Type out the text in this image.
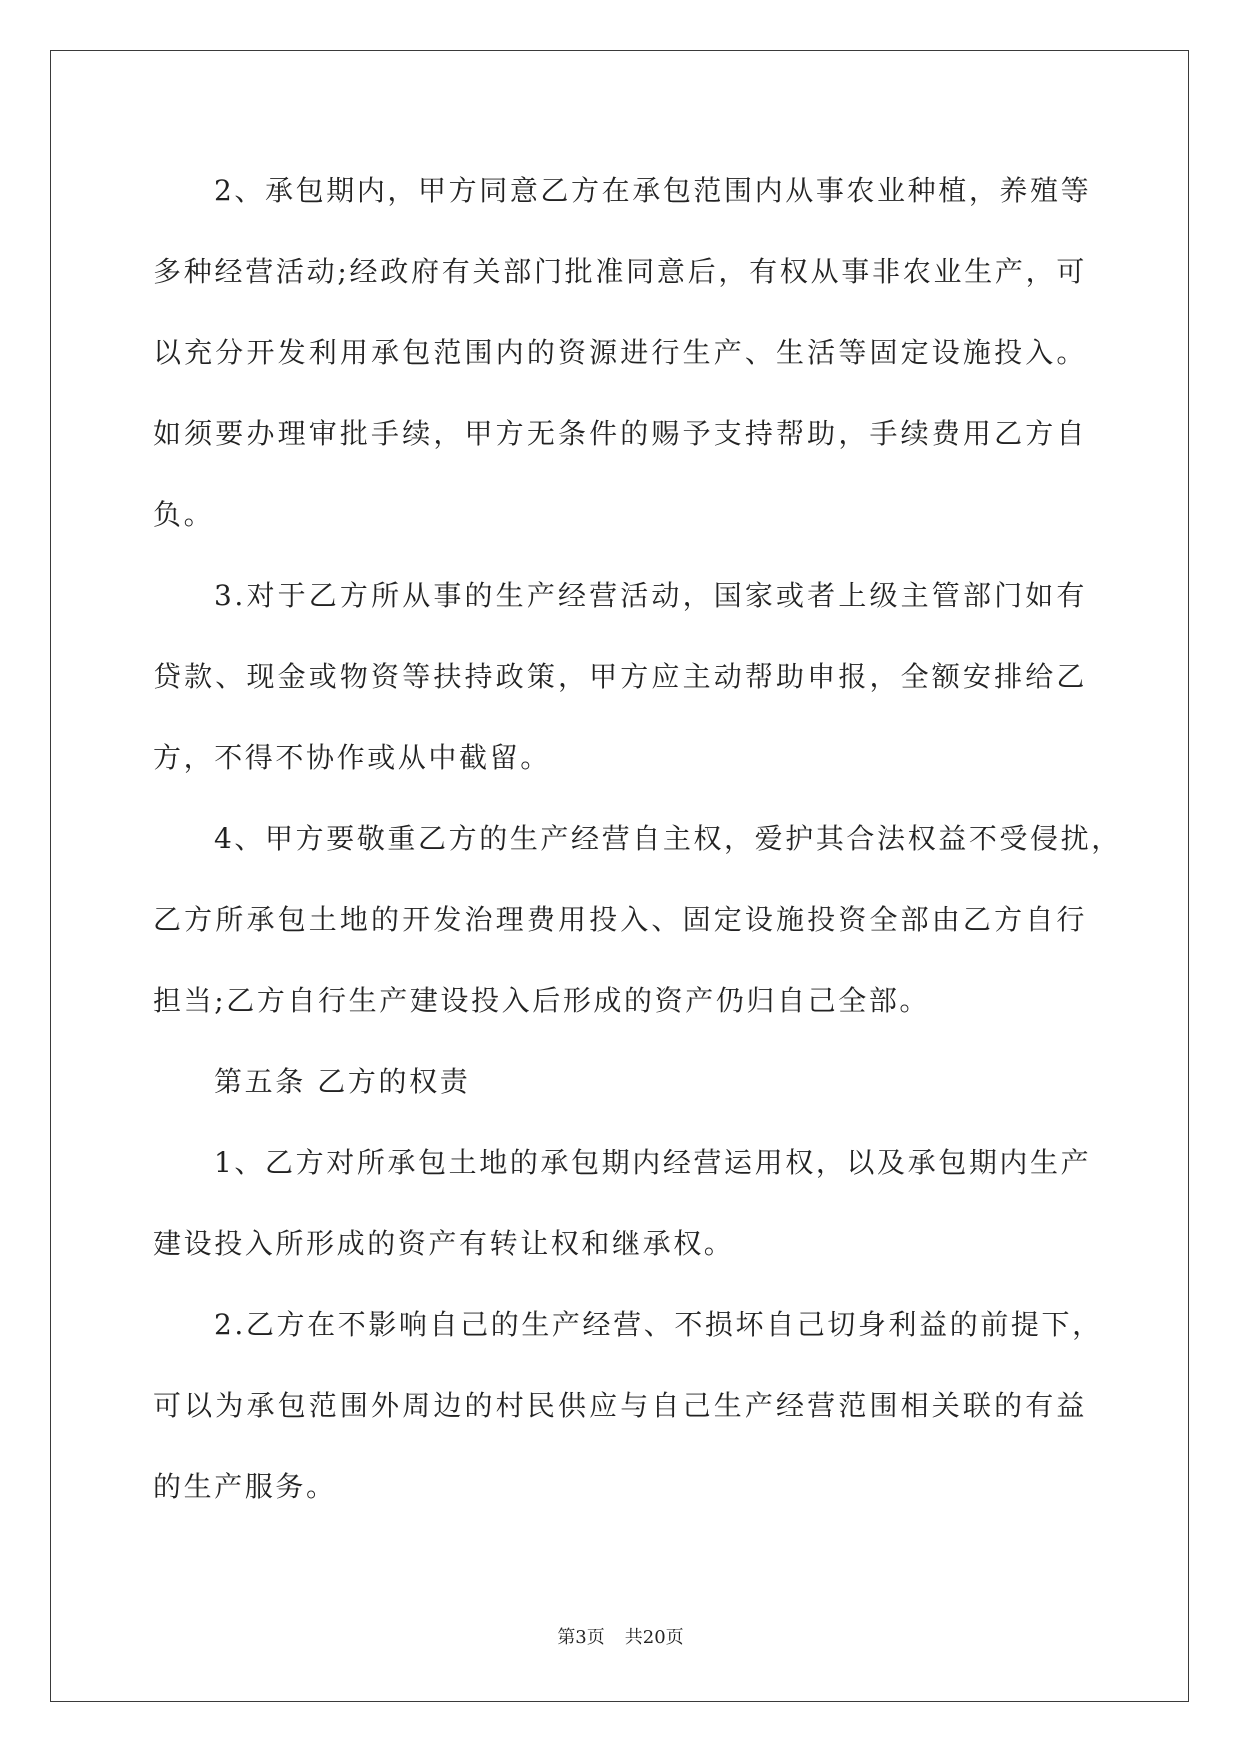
2、承包期内，甲方同意乙方在承包范围内从事农业种植，养殖等
多种经营活动;经政府有关部门批准同意后，有权从事非农业生产，可
以充分开发利用承包范围内的资源进行生产、生活等固定设施投入。
如须要办理审批手续，甲方无条件的赐予支持帮助，手续费用乙方自
负。
3.对于乙方所从事的生产经营活动，国家或者上级主管部门如有
贷款、现金或物资等扶持政策，甲方应主动帮助申报，全额安排给乙
方，不得不协作或从中截留。
4、甲方要敬重乙方的生产经营自主权，爱护其合法权益不受侵扰，
乙方所承包土地的开发治理费用投入、固定设施投资全部由乙方自行
担当;乙方自行生产建设投入后形成的资产仍归自己全部。
第五条 乙方的权责
1、乙方对所承包土地的承包期内经营运用权，以及承包期内生产
建设投入所形成的资产有转让权和继承权。
2.乙方在不影响自己的生产经营、不损坏自己切身利益的前提下，
可以为承包范围外周边的村民供应与自己生产经营范围相关联的有益
的生产服务。
第3页 共20页
